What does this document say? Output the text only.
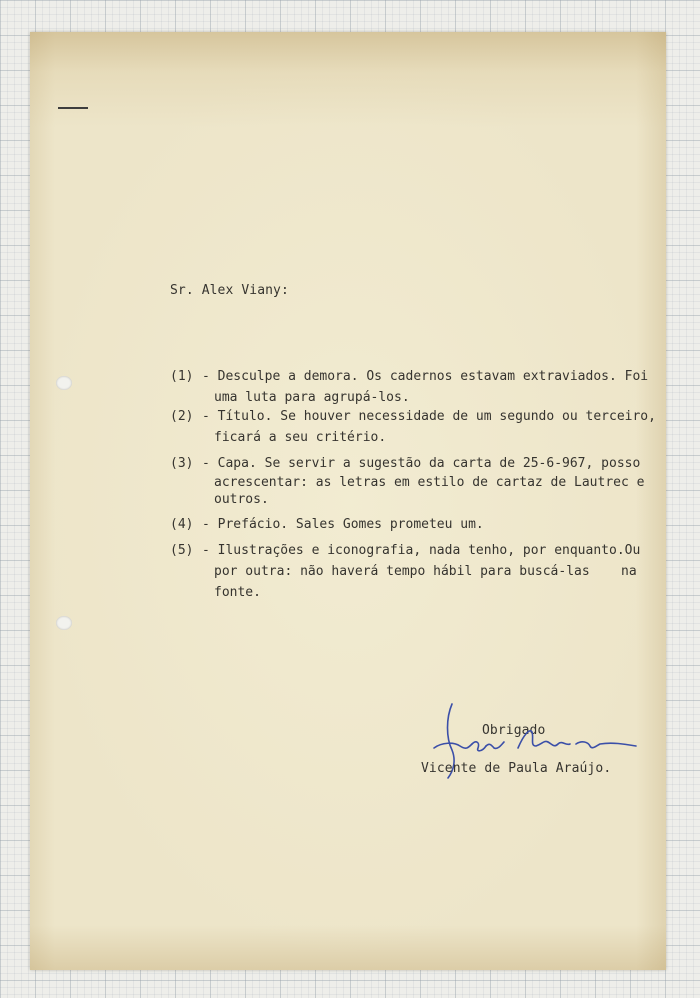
Sr. Alex Viany:
(1) - Desculpe a demora. Os cadernos estavam extraviados. Foi
uma luta para agrupá-los.
(2) - Título. Se houver necessidade de um segundo ou terceiro,
ficará a seu critério.
(3) - Capa. Se servir a sugestão da carta de 25-6-967, posso
acrescentar: as letras em estilo de cartaz de Lautrec e
outros.
(4) - Prefácio. Sales Gomes prometeu um.
(5) - Ilustrações e iconografia, nada tenho, por enquanto.Ou
por outra: não haverá tempo hábil para buscá-las    na
fonte.
Obrigado
Vicente de Paula Araújo.
